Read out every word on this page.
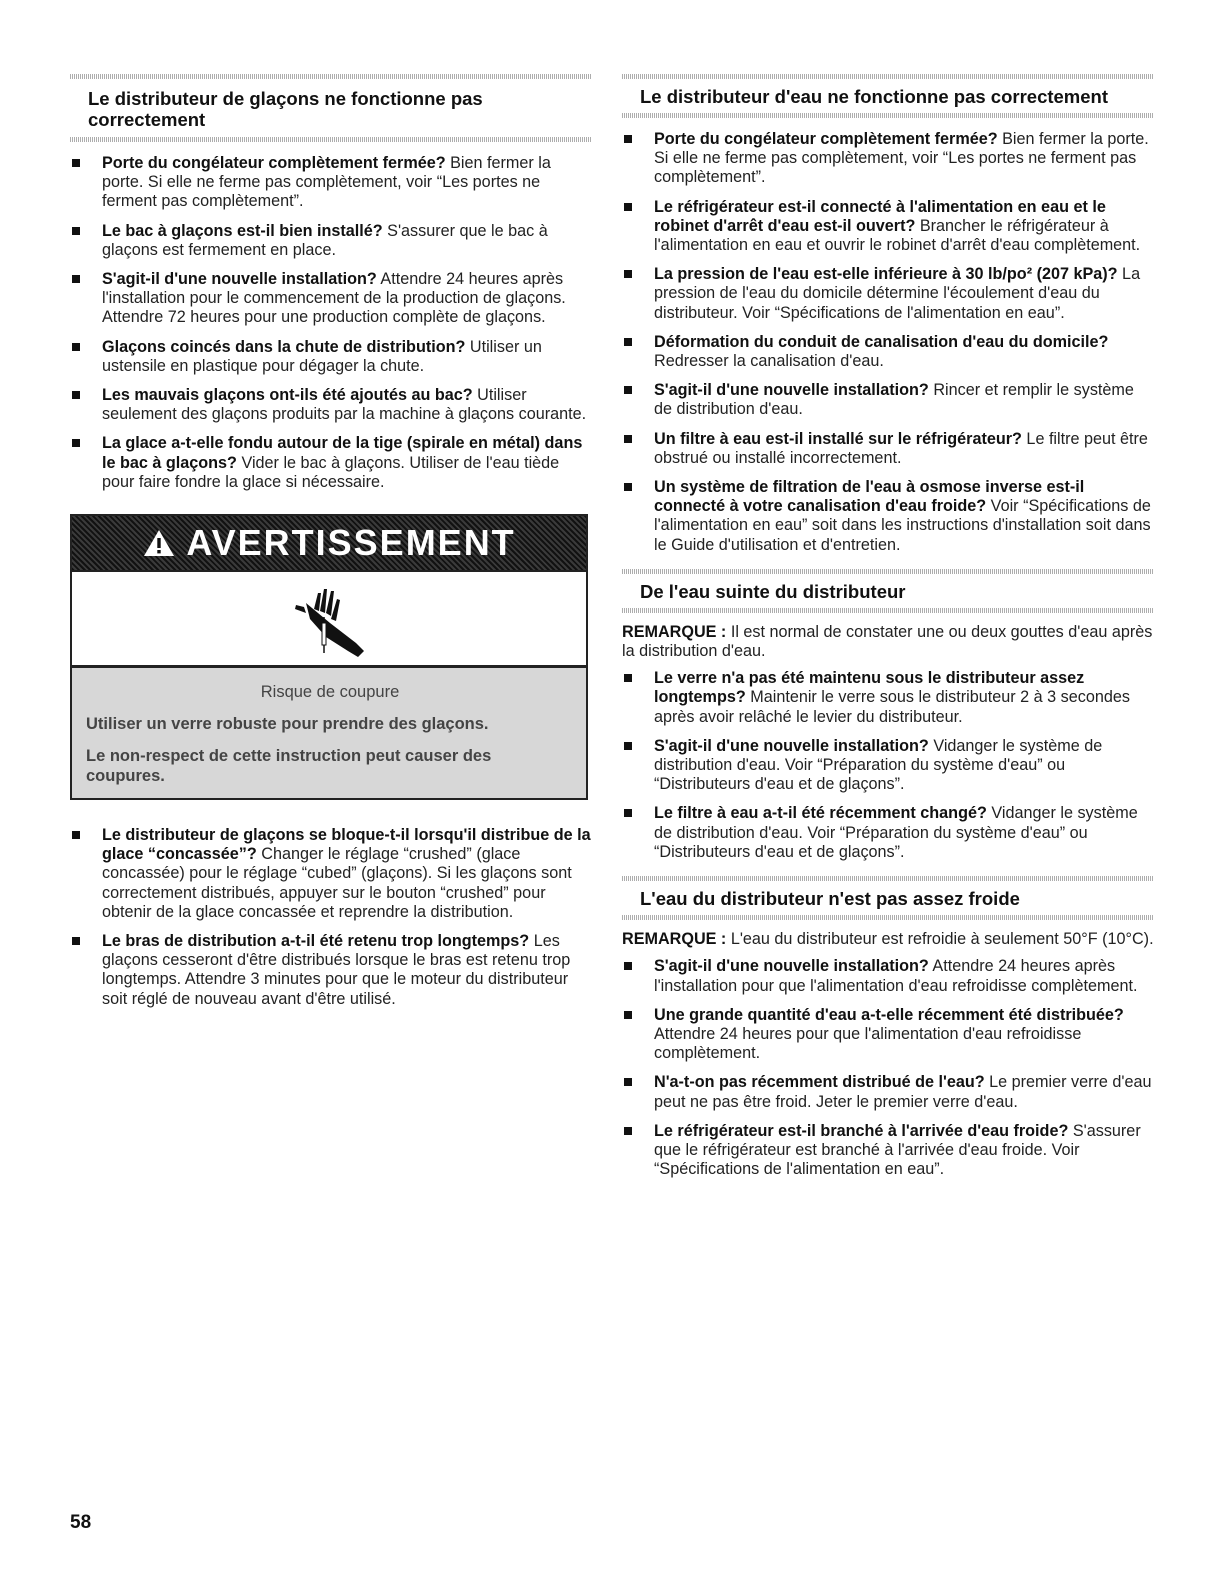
Le distributeur de glaçons ne fonctionne pas correctement
Porte du congélateur complètement fermée? Bien fermer la porte. Si elle ne ferme pas complètement, voir “Les portes ne ferment pas complètement”.
Le bac à glaçons est-il bien installé? S'assurer que le bac à glaçons est fermement en place.
S'agit-il d'une nouvelle installation? Attendre 24 heures après l'installation pour le commencement de la production de glaçons. Attendre 72 heures pour une production complète de glaçons.
Glaçons coincés dans la chute de distribution? Utiliser un ustensile en plastique pour dégager la chute.
Les mauvais glaçons ont-ils été ajoutés au bac? Utiliser seulement des glaçons produits par la machine à glaçons courante.
La glace a-t-elle fondu autour de la tige (spirale en métal) dans le bac à glaçons? Vider le bac à glaçons. Utiliser de l'eau tiède pour faire fondre la glace si nécessaire.
AVERTISSEMENT

Risque de coupure

Utiliser un verre robuste pour prendre des glaçons.

Le non-respect de cette instruction peut causer des coupures.

Le distributeur de glaçons se bloque-t-il lorsqu'il distribue de la glace “concassée”? Changer le réglage “crushed” (glace concassée) pour le réglage “cubed” (glaçons). Si les glaçons sont correctement distribués, appuyer sur le bouton “crushed” pour obtenir de la glace concassée et reprendre la distribution.
Le bras de distribution a-t-il été retenu trop longtemps? Les glaçons cesseront d'être distribués lorsque le bras est retenu trop longtemps. Attendre 3 minutes pour que le moteur du distributeur soit réglé de nouveau avant d'être utilisé.
Le distributeur d'eau ne fonctionne pas correctement
Porte du congélateur complètement fermée? Bien fermer la porte. Si elle ne ferme pas complètement, voir “Les portes ne ferment pas complètement”.
Le réfrigérateur est-il connecté à l'alimentation en eau et le robinet d'arrêt d'eau est-il ouvert? Brancher le réfrigérateur à l'alimentation en eau et ouvrir le robinet d'arrêt d'eau complètement.
La pression de l'eau est-elle inférieure à 30 lb/po² (207 kPa)? La pression de l'eau du domicile détermine l'écoulement d'eau du distributeur. Voir “Spécifications de l'alimentation en eau”.
Déformation du conduit de canalisation d'eau du domicile? Redresser la canalisation d'eau.
S'agit-il d'une nouvelle installation? Rincer et remplir le système de distribution d'eau.
Un filtre à eau est-il installé sur le réfrigérateur? Le filtre peut être obstrué ou installé incorrectement.
Un système de filtration de l'eau à osmose inverse est-il connecté à votre canalisation d'eau froide? Voir “Spécifications de l'alimentation en eau” soit dans les instructions d'installation soit dans le Guide d'utilisation et d'entretien.
De l'eau suinte du distributeur

REMARQUE : Il est normal de constater une ou deux gouttes d'eau après la distribution d'eau.

Le verre n'a pas été maintenu sous le distributeur assez longtemps? Maintenir le verre sous le distributeur 2 à 3 secondes après avoir relâché le levier du distributeur.
S'agit-il d'une nouvelle installation? Vidanger le système de distribution d'eau. Voir “Préparation du système d'eau” ou “Distributeurs d'eau et de glaçons”.
Le filtre à eau a-t-il été récemment changé? Vidanger le système de distribution d'eau. Voir “Préparation du système d'eau” ou “Distributeurs d'eau et de glaçons”.
L'eau du distributeur n'est pas assez froide

REMARQUE : L'eau du distributeur est refroidie à seulement 50°F (10°C).

S'agit-il d'une nouvelle installation? Attendre 24 heures après l'installation pour que l'alimentation d'eau refroidisse complètement.
Une grande quantité d'eau a-t-elle récemment été distribuée? Attendre 24 heures pour que l'alimentation d'eau refroidisse complètement.
N'a-t-on pas récemment distribué de l'eau? Le premier verre d'eau peut ne pas être froid. Jeter le premier verre d'eau.
Le réfrigérateur est-il branché à l'arrivée d'eau froide? S'assurer que le réfrigérateur est branché à l'arrivée d'eau froide. Voir “Spécifications de l'alimentation en eau”.
58
